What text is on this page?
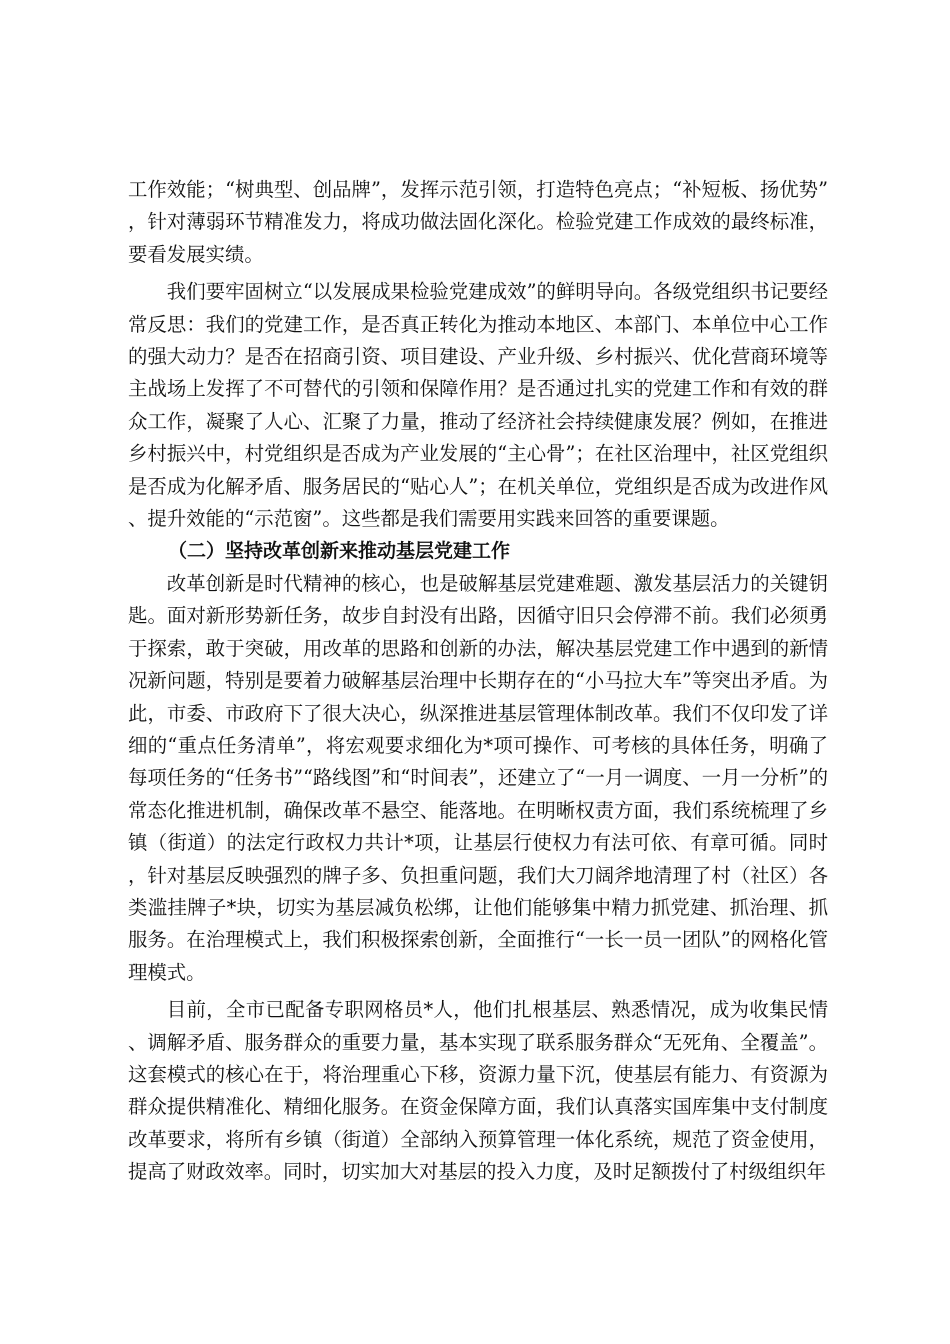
工作效能；“树典型、创品牌”，发挥示范引领，打造特色亮点；“补短板、扬优势”，针对薄弱环节精准发力，将成功做法固化深化。检验党建工作成效的最终标准，要看发展实绩。

我们要牢固树立“以发展成果检验党建成效”的鲜明导向。各级党组织书记要经常反思：我们的党建工作，是否真正转化为推动本地区、本部门、本单位中心工作的强大动力？是否在招商引资、项目建设、产业升级、乡村振兴、优化营商环境等主战场上发挥了不可替代的引领和保障作用？是否通过扎实的党建工作和有效的群众工作，凝聚了人心、汇聚了力量，推动了经济社会持续健康发展？例如，在推进乡村振兴中，村党组织是否成为产业发展的“主心骨”；在社区治理中，社区党组织是否成为化解矛盾、服务居民的“贴心人”；在机关单位，党组织是否成为改进作风、提升效能的“示范窗”。这些都是我们需要用实践来回答的重要课题。

（二）坚持改革创新来推动基层党建工作

改革创新是时代精神的核心，也是破解基层党建难题、激发基层活力的关键钥匙。面对新形势新任务，故步自封没有出路，因循守旧只会停滞不前。我们必须勇于探索，敢于突破，用改革的思路和创新的办法，解决基层党建工作中遇到的新情况新问题，特别是要着力破解基层治理中长期存在的“小马拉大车”等突出矛盾。为此，市委、市政府下了很大决心，纵深推进基层管理体制改革。我们不仅印发了详细的“重点任务清单”，将宏观要求细化为*项可操作、可考核的具体任务，明确了每项任务的“任务书”“路线图”和“时间表”，还建立了“一月一调度、一月一分析”的常态化推进机制，确保改革不悬空、能落地。在明晰权责方面，我们系统梳理了乡镇（街道）的法定行政权力共计*项，让基层行使权力有法可依、有章可循。同时，针对基层反映强烈的牌子多、负担重问题，我们大刀阔斧地清理了村（社区）各类滥挂牌子*块，切实为基层减负松绑，让他们能够集中精力抓党建、抓治理、抓服务。在治理模式上，我们积极探索创新，全面推行“一长一员一团队”的网格化管理模式。

目前，全市已配备专职网格员*人，他们扎根基层、熟悉情况，成为收集民情、调解矛盾、服务群众的重要力量，基本实现了联系服务群众“无死角、全覆盖”。这套模式的核心在于，将治理重心下移，资源力量下沉，使基层有能力、有资源为群众提供精准化、精细化服务。在资金保障方面，我们认真落实国库集中支付制度改革要求，将所有乡镇（街道）全部纳入预算管理一体化系统，规范了资金使用，提高了财政效率。同时，切实加大对基层的投入力度，及时足额拨付了村级组织年
